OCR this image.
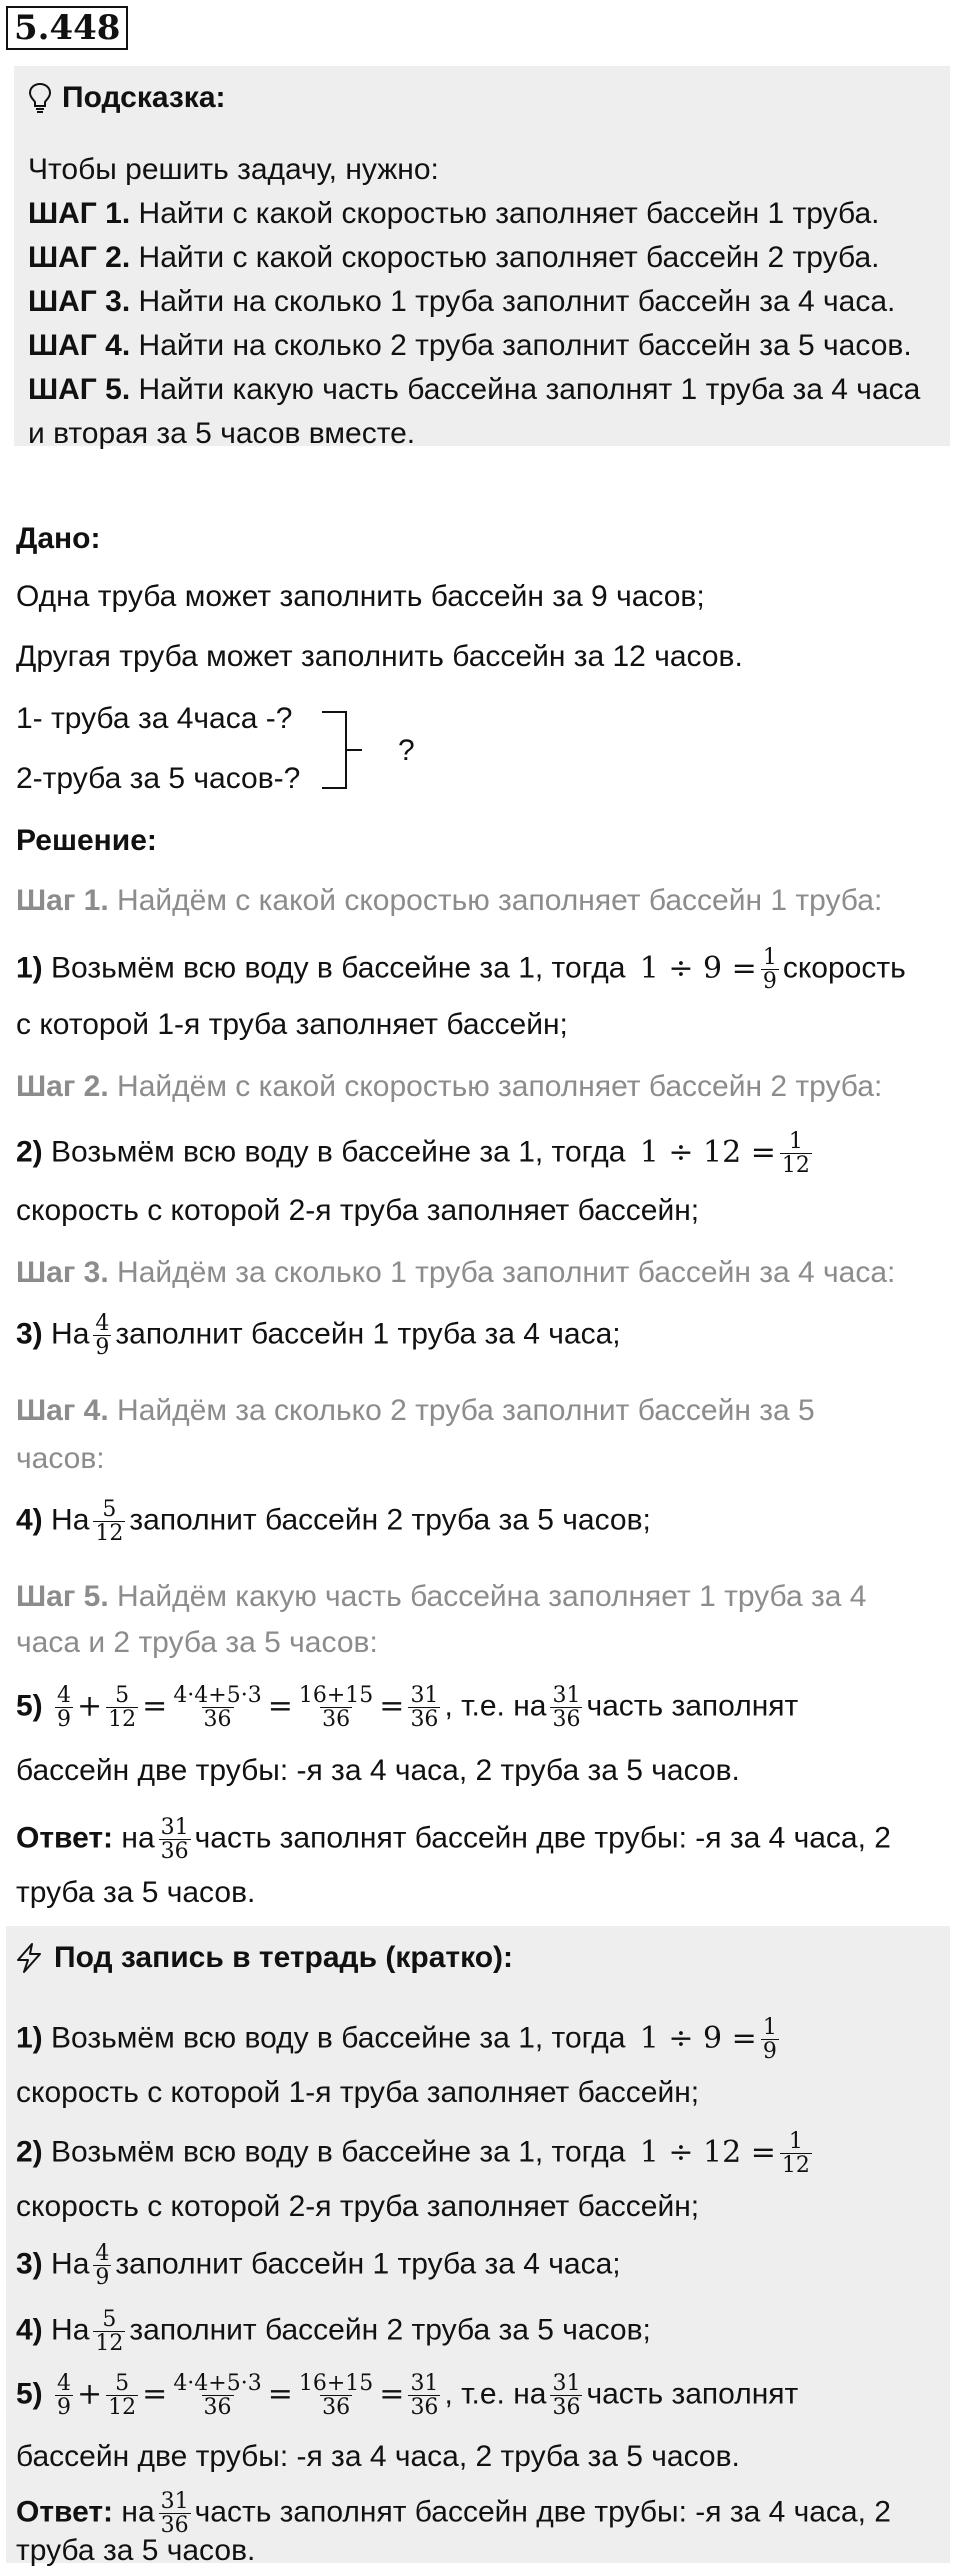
5.448
Подсказка:
Чтобы решить задачу, нужно:
ШАГ 1. Найти с какой скоростью заполняет бассейн 1 труба.
ШАГ 2. Найти с какой скоростью заполняет бассейн 2 труба.
ШАГ 3. Найти на сколько 1 труба заполнит бассейн за 4 часа.
ШАГ 4. Найти на сколько 2 труба заполнит бассейн за 5 часов.
ШАГ 5. Найти какую часть бассейна заполнят 1 труба за 4 часа
и вторая за 5 часов вместе.
Дано:
Одна труба может заполнить бассейн за 9 часов;
Другая труба может заполнить бассейн за 12 часов.
1- труба за 4часа -?
2-труба за 5 часов-?
?
Решение:
Шаг 1. Найдём с какой скоростью заполняет бассейн 1 труба:
1) Возьмём всю воду в бассейне за 1, тогда $1 \div 9 = \frac{1}{9}$ скорость
с которой 1-я труба заполняет бассейн;
Шаг 2. Найдём с какой скоростью заполняет бассейн 2 труба:
2) Возьмём всю воду в бассейне за 1, тогда $1 \div 12 = \frac{1}{12}$
скорость с которой 2-я труба заполняет бассейн;
Шаг 3. Найдём за сколько 1 труба заполнит бассейн за 4 часа:
3) На $\frac{4}{9}$ заполнит бассейн 1 труба за 4 часа;
Шаг 4. Найдём за сколько 2 труба заполнит бассейн за 5
часов:
4) На $\frac{5}{12}$ заполнит бассейн 2 труба за 5 часов;
Шаг 5. Найдём какую часть бассейна заполняет 1 труба за 4
часа и 2 труба за 5 часов:
$5) \frac{4}{9} + \frac{5}{12} = \frac{4\cdot 4+5\cdot 3}{36} = \frac{16+15}{36} = \frac{31}{36}$ , т.е. на $\frac{31}{36}$ часть заполнят
бассейн две трубы: -я за 4 часа, 2 труба за 5 часов.
Ответ: на $\frac{31}{36}$ часть заполнят бассейн две трубы: -я за 4 часа, 2
труба за 5 часов.
Под запись в тетрадь (кратко):
1) Возьмём всю воду в бассейне за 1, тогда $1 \div 9 = \frac{1}{9}$
скорость с которой 1-я труба заполняет бассейн;
2) Возьмём всю воду в бассейне за 1, тогда $1 \div 12 = \frac{1}{12}$
скорость с которой 2-я труба заполняет бассейн;
3) На $\frac{4}{9}$ заполнит бассейн 1 труба за 4 часа;
4) На $\frac{5}{12}$ заполнит бассейн 2 труба за 5 часов;
$5) \frac{4}{9} + \frac{5}{12} = \frac{4\cdot 4+5\cdot 3}{36} = \frac{16+15}{36} = \frac{31}{36}$ , т.е. на $\frac{31}{36}$ часть заполнят
бассейн две трубы: -я за 4 часа, 2 труба за 5 часов.
Ответ: на $\frac{31}{36}$ часть заполнят бассейн две трубы: -я за 4 часа, 2
труба за 5 часов.
